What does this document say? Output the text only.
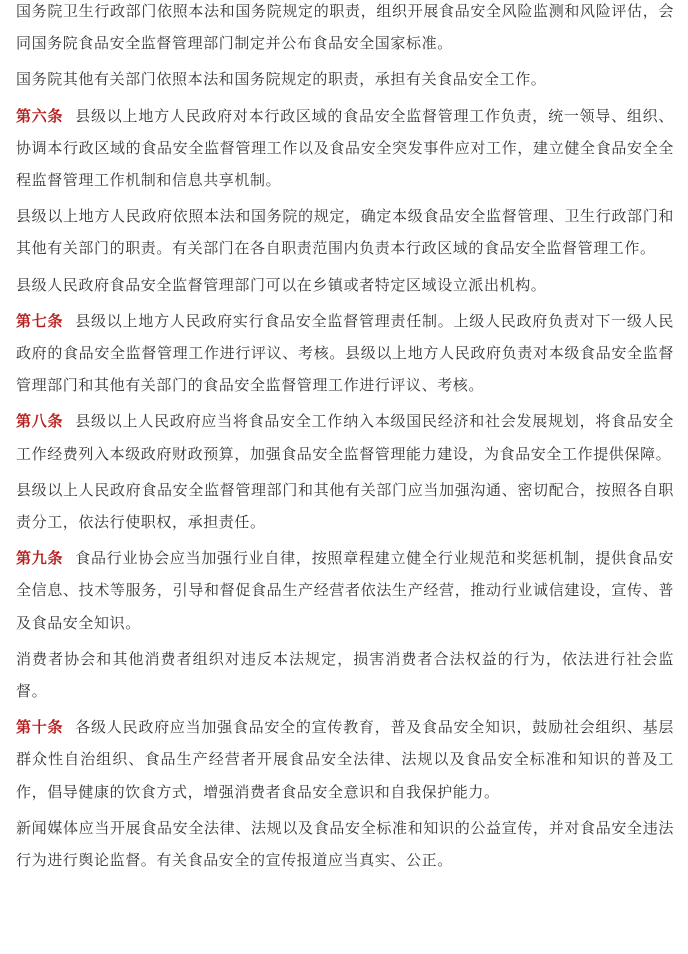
国务院卫生行政部门依照本法和国务院规定的职责，组织开展食品安全风险监测和风险评估，会同国务院食品安全监督管理部门制定并公布食品安全国家标准。

国务院其他有关部门依照本法和国务院规定的职责，承担有关食品安全工作。

第六条 县级以上地方人民政府对本行政区域的食品安全监督管理工作负责，统一领导、组织、协调本行政区域的食品安全监督管理工作以及食品安全突发事件应对工作，建立健全食品安全全程监督管理工作机制和信息共享机制。

县级以上地方人民政府依照本法和国务院的规定，确定本级食品安全监督管理、卫生行政部门和其他有关部门的职责。有关部门在各自职责范围内负责本行政区域的食品安全监督管理工作。

县级人民政府食品安全监督管理部门可以在乡镇或者特定区域设立派出机构。

第七条 县级以上地方人民政府实行食品安全监督管理责任制。上级人民政府负责对下一级人民政府的食品安全监督管理工作进行评议、考核。县级以上地方人民政府负责对本级食品安全监督管理部门和其他有关部门的食品安全监督管理工作进行评议、考核。

第八条 县级以上人民政府应当将食品安全工作纳入本级国民经济和社会发展规划，将食品安全工作经费列入本级政府财政预算，加强食品安全监督管理能力建设，为食品安全工作提供保障。

县级以上人民政府食品安全监督管理部门和其他有关部门应当加强沟通、密切配合，按照各自职责分工，依法行使职权，承担责任。

第九条 食品行业协会应当加强行业自律，按照章程建立健全行业规范和奖惩机制，提供食品安全信息、技术等服务，引导和督促食品生产经营者依法生产经营，推动行业诚信建设，宣传、普及食品安全知识。

消费者协会和其他消费者组织对违反本法规定，损害消费者合法权益的行为，依法进行社会监督。

第十条 各级人民政府应当加强食品安全的宣传教育，普及食品安全知识，鼓励社会组织、基层群众性自治组织、食品生产经营者开展食品安全法律、法规以及食品安全标准和知识的普及工作，倡导健康的饮食方式，增强消费者食品安全意识和自我保护能力。

新闻媒体应当开展食品安全法律、法规以及食品安全标准和知识的公益宣传，并对食品安全违法行为进行舆论监督。有关食品安全的宣传报道应当真实、公正。
